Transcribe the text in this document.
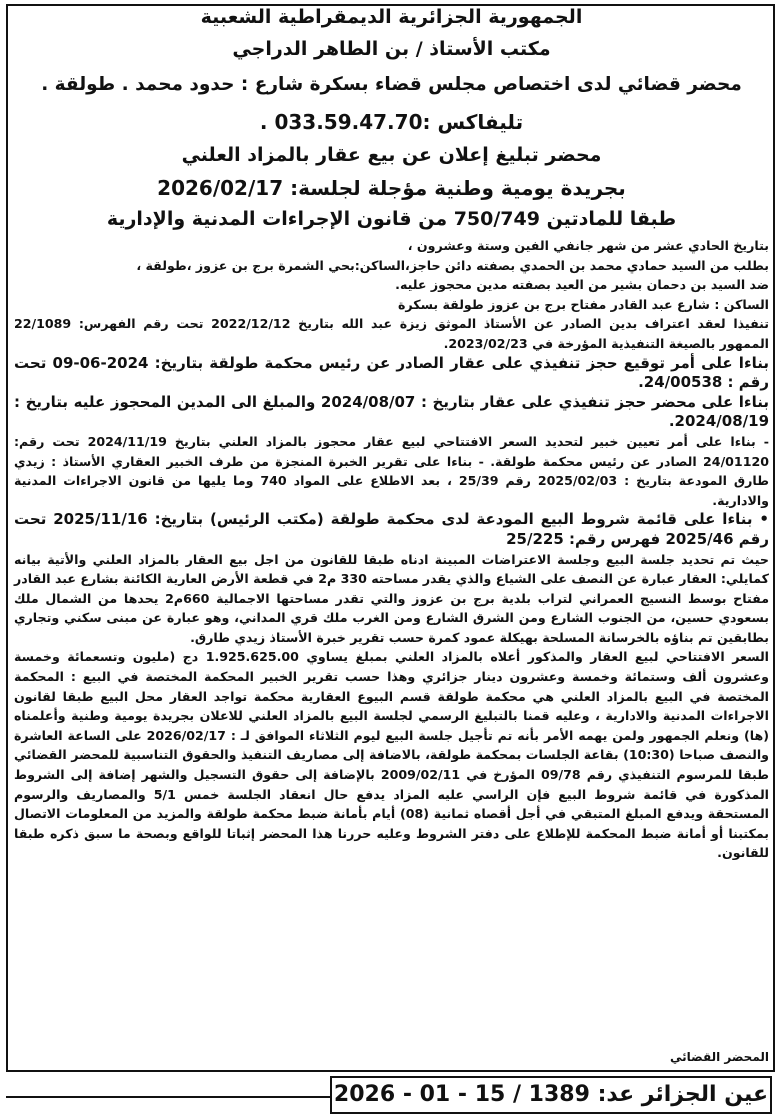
الجمهورية الجزائرية الديمقراطية الشعبية
مكتب الأستاذ / بن الطاهر الدراجي
محضر قضائي لدى اختصاص مجلس قضاء بسكرة شارع : حدود محمد . طولقة .
تليفاكس :033.59.47.70 .
محضر تبليغ إعلان عن بيع عقار بالمزاد العلني
بجريدة يومية وطنية مؤجلة لجلسة: 2026/02/17
طبقا للمادتين 750/749 من قانون الإجراءات المدنية والإدارية

بتاريخ الحادي عشر من شهر جانفي الفين وستة وعشرون ،

بطلب من السيد حمادي محمد بن الحمدي بصفته دائن حاجز،الساكن:بحي الشمرة برج بن عزوز ،طولقة ،

ضد السيد بن دحمان بشير من العيد بصفته مدين محجوز عليه.

الساكن : شارع عبد القادر مفتاح برج بن عزوز طولقة بسكرة

تنفيذا لعقد اعتراف بدين الصادر عن الأستاذ الموثق زيزة عبد الله بتاريخ 2022/12/12 تحت رقم الفهرس: 22/1089 الممهور بالصيغة التنفيذية المؤرخة في 2023/02/23.

بناءا على أمر توقيع حجز تنفيذي على عقار الصادر عن رئيس محكمة طولقة بتاريخ: 2024-06-09 تحت رقم : 24/00538.

بناءا على محضر حجز تنفيذي على عقار بتاريخ : 2024/08/07 والمبلغ الى المدين المحجوز عليه بتاريخ : 2024/08/19.

- بناءا على أمر تعيين خبير لتحديد السعر الافتتاحي لبيع عقار محجوز بالمزاد العلني بتاريخ 2024/11/19 تحت رقم: 24/01120 الصادر عن رئيس محكمة طولقة. - بناءا على تقرير الخبرة المنجزة من طرف الخبير العقاري الأستاذ : زيدي طارق المودعة بتاريخ : 2025/02/03 رقم 25/39 ، بعد الاطلاع على المواد 740 وما يليها من قانون الاجراءات المدنية والادارية.

• بناءا على قائمة شروط البيع المودعة لدى محكمة طولقة (مكتب الرئيس) بتاريخ: 2025/11/16 تحت رقم 2025/46 فهرس رقم: 25/225

حيث تم تحديد جلسة البيع وجلسة الاعتراضات المبينة ادناه طبقا للقانون من اجل بيع العقار بالمزاد العلني والأتية بيانه كمايلي: العقار عبارة عن النصف على الشياع والذي يقدر مساحته 330 م2 في قطعة الأرض العارية الكائنة بشارع عبد القادر مفتاح بوسط النسيج العمراني لتراب بلدية برج بن عزوز والتي تقدر مساحتها الاجمالية 660م2 يحدها من الشمال ملك بسعودي حسين، من الجنوب الشارع ومن الشرق الشارع ومن الغرب ملك قري المداني، وهو عبارة عن مبنى سكني وتجاري بطابقين تم بناؤه بالخرسانة المسلحة بهيكلة عمود كمرة حسب تقرير خبرة الأستاذ زيدي طارق.

السعر الافتتاحي لبيع العقار والمذكور أعلاه بالمزاد العلني بمبلغ يساوي 1.925.625.00 دج (مليون وتسعمائة وخمسة وعشرون ألف وستمائة وخمسة وعشرون دينار جزائري وهذا حسب تقرير الخبير المحكمة المختصة في البيع : المحكمة المختصة في البيع بالمزاد العلني هي محكمة طولقة قسم البيوع العقارية محكمة تواجد العقار محل البيع طبقا لقانون الاجراءات المدنية والادارية ، وعليه قمنا بالتبليغ الرسمي لجلسة البيع بالمزاد العلني للاعلان بجريدة يومية وطنية وأعلمناه (ها) ونعلم الجمهور ولمن يهمه الأمر بأنه تم تأجيل جلسة البيع ليوم الثلاثاء الموافق لـ : 2026/02/17 على الساعة العاشرة والنصف صباحا (10:30) بقاعة الجلسات بمحكمة طولقة، بالاضافة إلى مصاريف التنفيذ والحقوق التناسبية للمحضر القضائي طبقا للمرسوم التنفيذي رقم 09/78 المؤرخ في 2009/02/11 بالإضافة إلى حقوق التسجيل والشهر إضافة إلى الشروط المذكورة في قائمة شروط البيع فإن الراسي عليه المزاد يدفع حال انعقاد الجلسة خمس 5/1 والمصاريف والرسوم المستحقة ويدفع المبلغ المتبقي في أجل أقصاه ثمانية (08) أيام بأمانة ضبط محكمة طولقة والمزيد من المعلومات الاتصال بمكتبنا أو أمانة ضبط المحكمة للإطلاع على دفتر الشروط وعليه حررنا هذا المحضر إثباتا للواقع وبصحة ما سبق ذكره طبقا للقانون.

المحضر القضائي
عين الجزائر عد: 1389 / 15 - 01 - 2026
